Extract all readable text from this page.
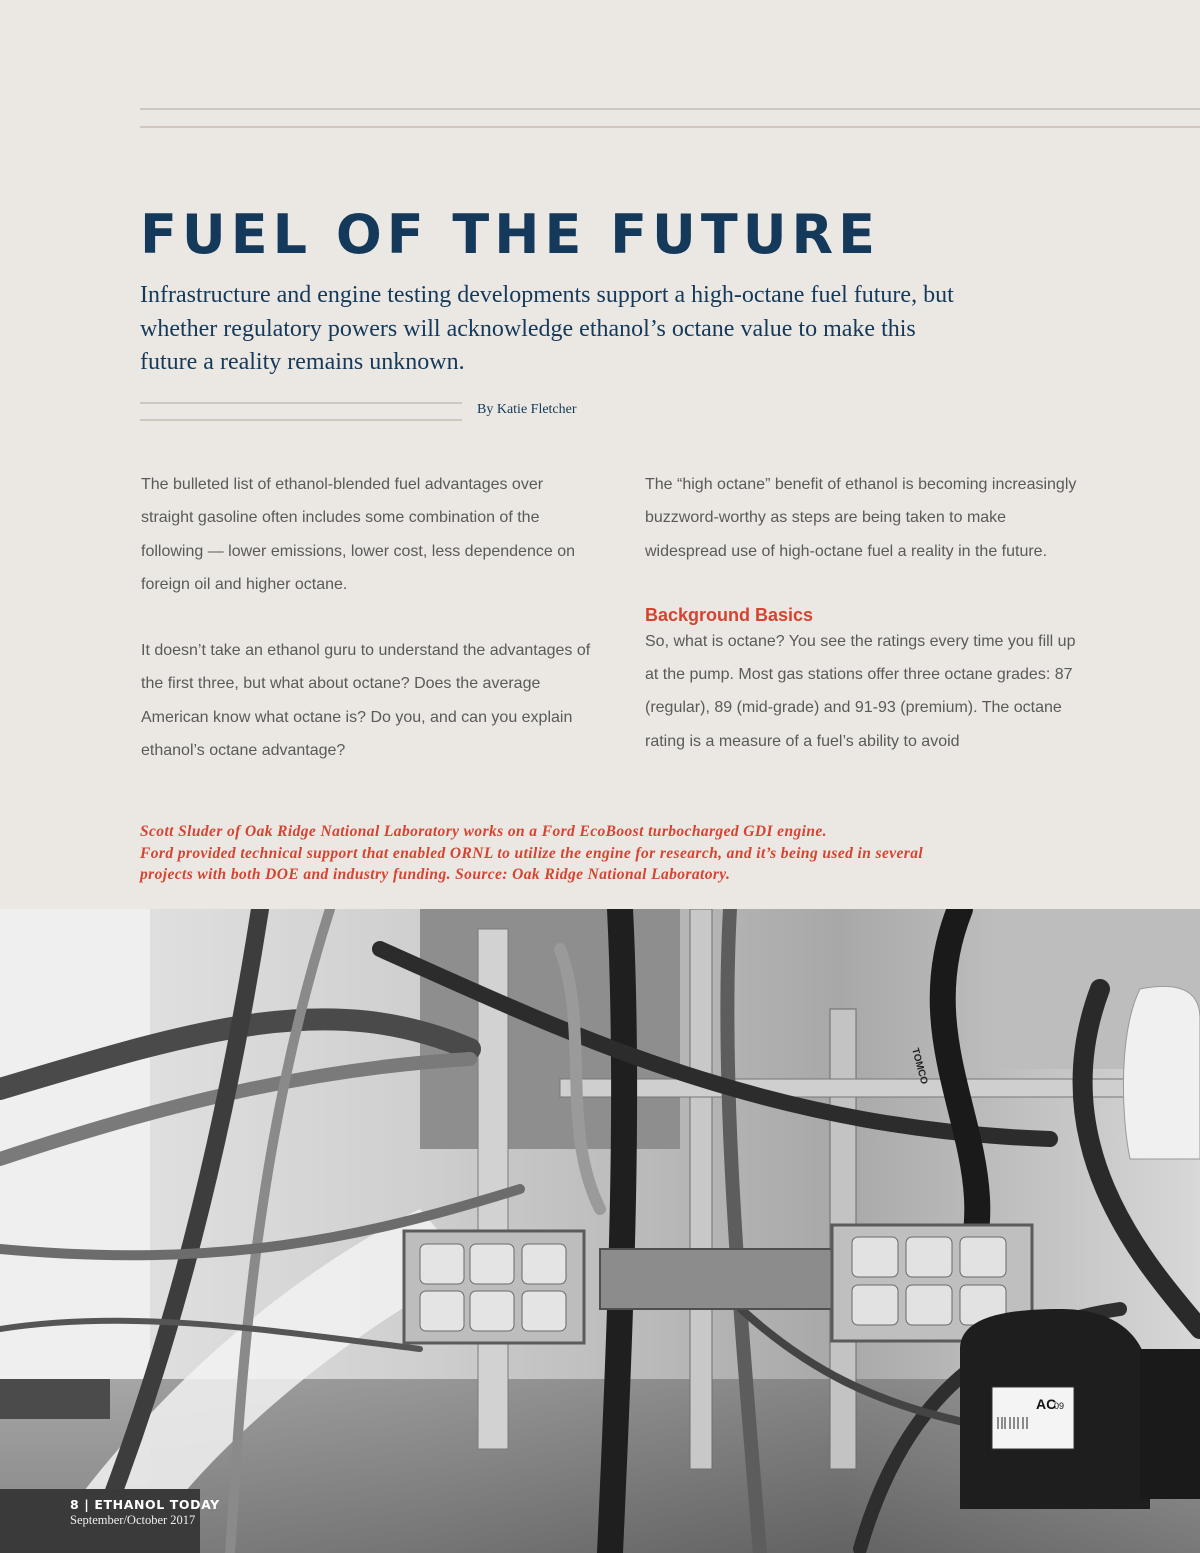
FUEL OF THE FUTURE

Infrastructure and engine testing developments support a high-octane fuel future, but whether regulatory powers will acknowledge ethanol’s octane value to make this future a reality remains unknown.

By Katie Fletcher

The bulleted list of ethanol-blended fuel advantages over straight gasoline often includes some combination of the following — lower emissions, lower cost, less dependence on foreign oil and higher octane.

It doesn’t take an ethanol guru to understand the advantages of the first three, but what about octane? Does the average American know what octane is? Do you, and can you explain ethanol’s octane advantage?

The “high octane” benefit of ethanol is becoming increasingly buzzword-worthy as steps are being taken to make widespread use of high-octane fuel a reality in the future.

Background Basics

So, what is octane? You see the ratings every time you fill up at the pump. Most gas stations offer three octane grades: 87 (regular), 89 (mid-grade) and 91-93 (premium). The octane rating is a measure of a fuel’s ability to avoid

Scott Sluder of Oak Ridge National Laboratory works on a Ford EcoBoost turbocharged GDI engine.
Ford provided technical support that enabled ORNL to utilize the engine for research, and it’s being used in several
projects with both DOE and industry funding. Source: Oak Ridge National Laboratory.
AC
09
TOMCO
8 | ETHANOL TODAY
September/October 2017
